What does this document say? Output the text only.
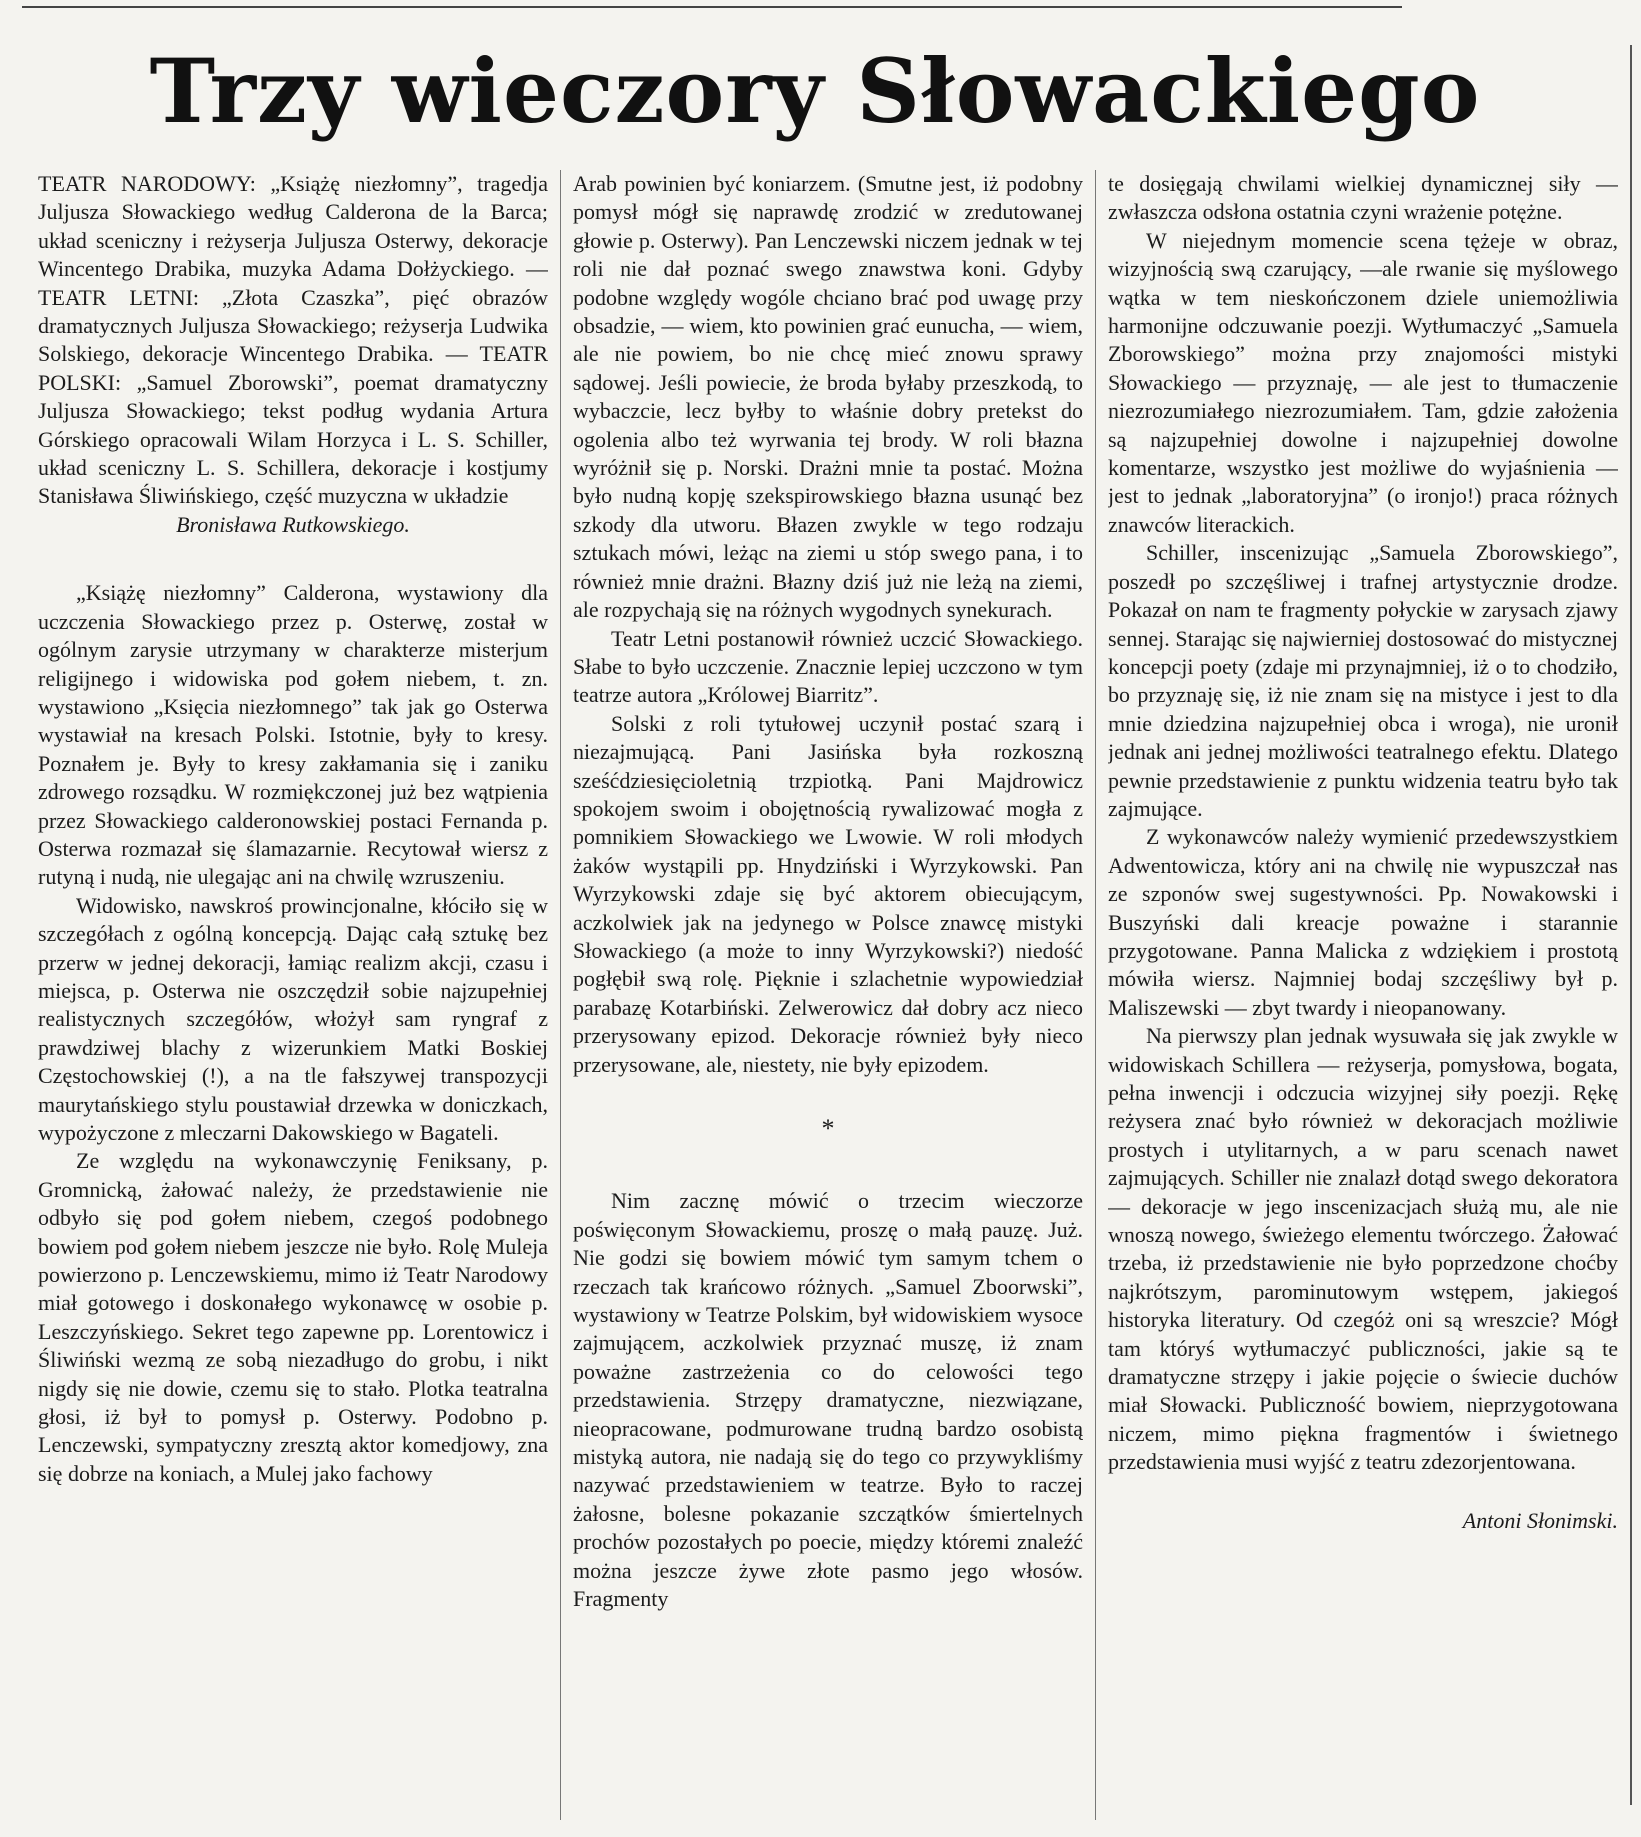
Trzy wieczory Słowackiego

TEATR NARODOWY: „Książę niezłomny”, tragedja Juljusza Słowackiego według Calderona de la Barca; układ sceniczny i reżyserja Juljusza Osterwy, dekoracje Wincentego Drabika, muzyka Adama Dołżyckiego. — TEATR LETNI: „Złota Czaszka”, pięć obrazów dramatycznych Juljusza Słowackiego; reżyserja Ludwika Solskiego, dekoracje Wincentego Drabika. — TEATR POLSKI: „Samuel Zborowski”, poemat dramatyczny Juljusza Słowackiego; tekst podług wydania Artura Górskiego opracowali Wilam Horzyca i L. S. Schiller, układ sceniczny L. S. Schillera, dekoracje i kostjumy Stanisława Śliwińskiego, część muzyczna w układzie
Bronisława Rutkowskiego.

„Książę niezłomny” Calderona, wystawiony dla uczczenia Słowackiego przez p. Osterwę, został w ogólnym zarysie utrzymany w charakterze misterjum religijnego i widowiska pod gołem niebem, t. zn. wystawiono „Księcia niezłomnego” tak jak go Osterwa wystawiał na kresach Polski. Istotnie, były to kresy. Poznałem je. Były to kresy zakłamania się i zaniku zdrowego rozsądku. W rozmiękczonej już bez wątpienia przez Słowackiego calderonowskiej postaci Fernanda p. Osterwa rozmazał się ślamazarnie. Recytował wiersz z rutyną i nudą, nie ulegając ani na chwilę wzruszeniu.

Widowisko, nawskroś prowincjonalne, kłóciło się w szczegółach z ogólną koncepcją. Dając całą sztukę bez przerw w jednej dekoracji, łamiąc realizm akcji, czasu i miejsca, p. Osterwa nie oszczędził sobie najzupełniej realistycznych szczegółów, włożył sam ryngraf z prawdziwej blachy z wizerunkiem Matki Boskiej Częstochowskiej (!), a na tle fałszywej transpozycji maurytańskiego stylu poustawiał drzewka w doniczkach, wypożyczone z mleczarni Dakowskiego w Bagateli.

Ze względu na wykonawczynię Feniksany, p. Gromnicką, żałować należy, że przedstawienie nie odbyło się pod gołem niebem, czegoś podobnego bowiem pod gołem niebem jeszcze nie było. Rolę Muleja powierzono p. Lenczewskiemu, mimo iż Teatr Narodowy miał gotowego i doskonałego wykonawcę w osobie p. Leszczyńskiego. Sekret tego zapewne pp. Lorentowicz i Śliwiński wezmą ze sobą niezadługo do grobu, i nikt nigdy się nie dowie, czemu się to stało. Plotka teatralna głosi, iż był to pomysł p. Osterwy. Podobno p. Lenczewski, sympatyczny zresztą aktor komedjowy, zna się dobrze na koniach, a Mulej jako fachowy

Arab powinien być koniarzem. (Smutne jest, iż podobny pomysł mógł się naprawdę zrodzić w zredutowanej głowie p. Osterwy). Pan Lenczewski niczem jednak w tej roli nie dał poznać swego znawstwa koni. Gdyby podobne względy wogóle chciano brać pod uwagę przy obsadzie, — wiem, kto powinien grać eunucha, — wiem, ale nie powiem, bo nie chcę mieć znowu sprawy sądowej. Jeśli powiecie, że broda byłaby przeszkodą, to wybaczcie, lecz byłby to właśnie dobry pretekst do ogolenia albo też wyrwania tej brody. W roli błazna wyróżnił się p. Norski. Drażni mnie ta postać. Można było nudną kopję szekspirowskiego błazna usunąć bez szkody dla utworu. Błazen zwykle w tego rodzaju sztukach mówi, leżąc na ziemi u stóp swego pana, i to również mnie drażni. Błazny dziś już nie leżą na ziemi, ale rozpychają się na różnych wygodnych synekurach.

Teatr Letni postanowił również uczcić Słowackiego. Słabe to było uczczenie. Znacznie lepiej uczczono w tym teatrze autora „Królowej Biarritz”.

Solski z roli tytułowej uczynił postać szarą i niezajmującą. Pani Jasińska była rozkoszną sześćdziesięcioletnią trzpiotką. Pani Majdrowicz spokojem swoim i obojętnością rywalizować mogła z pomnikiem Słowackiego we Lwowie. W roli młodych żaków wystąpili pp. Hnydziński i Wyrzykowski. Pan Wyrzykowski zdaje się być aktorem obiecującym, aczkolwiek jak na jedynego w Polsce znawcę mistyki Słowackiego (a może to inny Wyrzykowski?) niedość pogłębił swą rolę. Pięknie i szlachetnie wypowiedział parabazę Kotarbiński. Zelwerowicz dał dobry acz nieco przerysowany epizod. Dekoracje również były nieco przerysowane, ale, niestety, nie były epizodem.

*

Nim zacznę mówić o trzecim wieczorze poświęconym Słowackiemu, proszę o małą pauzę. Już. Nie godzi się bowiem mówić tym samym tchem o rzeczach tak krańcowo różnych. „Samuel Zboorwski”, wystawiony w Teatrze Polskim, był widowiskiem wysoce zajmującem, aczkolwiek przyznać muszę, iż znam poważne zastrzeżenia co do celowości tego przedstawienia. Strzępy dramatyczne, niezwiązane, nieopracowane, podmurowane trudną bardzo osobistą mistyką autora, nie nadają się do tego co przywykliśmy nazywać przedstawieniem w teatrze. Było to raczej żałosne, bolesne pokazanie szczątków śmiertelnych prochów pozostałych po poecie, między któremi znaleźć można jeszcze żywe złote pasmo jego włosów. Fragmenty

te dosięgają chwilami wielkiej dynamicznej siły — zwłaszcza odsłona ostatnia czyni wrażenie potężne.

W niejednym momencie scena tężeje w obraz, wizyjnością swą czarujący, —ale rwanie się myślowego wątka w tem nieskończonem dziele uniemożliwia harmonijne odczuwanie poezji. Wytłumaczyć „Samuela Zborowskiego” można przy znajomości mistyki Słowackiego — przyznaję, — ale jest to tłumaczenie niezrozumiałego niezrozumiałem. Tam, gdzie założenia są najzupełniej dowolne i najzupełniej dowolne komentarze, wszystko jest możliwe do wyjaśnienia — jest to jednak „laboratoryjna” (o ironjo!) praca różnych znawców literackich.

Schiller, inscenizując „Samuela Zborowskiego”, poszedł po szczęśliwej i trafnej artystycznie drodze. Pokazał on nam te fragmenty połyckie w zarysach zjawy sennej. Starając się najwierniej dostosować do mistycznej koncepcji poety (zdaje mi przynajmniej, iż o to chodziło, bo przyznaję się, iż nie znam się na mistyce i jest to dla mnie dziedzina najzupełniej obca i wroga), nie uronił jednak ani jednej możliwości teatralnego efektu. Dlatego pewnie przedstawienie z punktu widzenia teatru było tak zajmujące.

Z wykonawców należy wymienić przedewszystkiem Adwentowicza, który ani na chwilę nie wypuszczał nas ze szponów swej sugestywności. Pp. Nowakowski i Buszyński dali kreacje poważne i starannie przygotowane. Panna Malicka z wdziękiem i prostotą mówiła wiersz. Najmniej bodaj szczęśliwy był p. Maliszewski — zbyt twardy i nieopanowany.

Na pierwszy plan jednak wysuwała się jak zwykle w widowiskach Schillera — reżyserja, pomysłowa, bogata, pełna inwencji i odczucia wizyjnej siły poezji. Rękę reżysera znać było również w dekoracjach możliwie prostych i utylitarnych, a w paru scenach nawet zajmujących. Schiller nie znalazł dotąd swego dekoratora — dekoracje w jego inscenizacjach służą mu, ale nie wnoszą nowego, świeżego elementu twórczego. Żałować trzeba, iż przedstawienie nie było poprzedzone choćby najkrótszym, parominutowym wstępem, jakiegoś historyka literatury. Od czegóż oni są wreszcie? Mógł tam któryś wytłumaczyć publiczności, jakie są te dramatyczne strzępy i jakie pojęcie o świecie duchów miał Słowacki. Publiczność bowiem, nieprzygotowana niczem, mimo piękna fragmentów i świetnego przedstawienia musi wyjść z teatru zdezorjentowana.

Antoni Słonimski.
